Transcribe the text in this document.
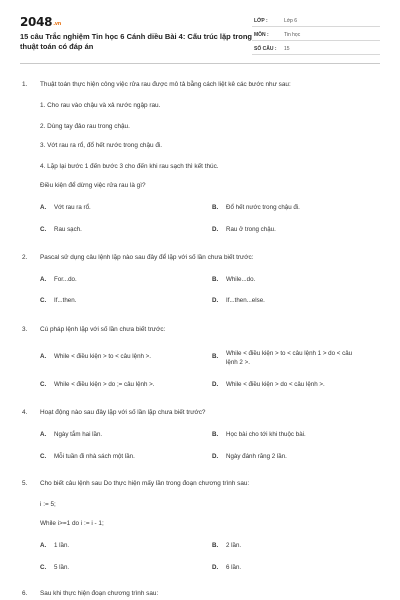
2048.vn
15 câu Trắc nghiệm Tin học 6 Cánh diều Bài 4: Cấu trúc lặp trong thuật toán có đáp án
LỚP :	Lớp 6
MÔN :	Tin học
SỐ CÂU : 15
1. Thuật toán thực hiện công việc rửa rau được mô tả bằng cách liệt kê các bước như sau:
1. Cho rau vào chậu và xả nước ngập rau.
2. Dùng tay đảo rau trong chậu.
3. Vớt rau ra rổ, đổ hết nước trong chậu đi.
4. Lặp lại bước 1 đến bước 3 cho đến khi rau sạch thì kết thúc.
Điều kiện để dừng việc rửa rau là gì?
A. Vớt rau ra rổ.	B. Đổ hết nước trong chậu đi.
C. Rau sạch.	D. Rau ở trong chậu.
2. Pascal sử dụng câu lệnh lặp nào sau đây để lặp với số lần chưa biết trước:
A. For...do.	B. While...do.
C. If...then.	D. If...then...else.
3. Cú pháp lệnh lặp với số lần chưa biết trước:
A. While < điều kiện > to < câu lệnh >.	B. While < điều kiện > to < câu lệnh 1 > do < câu lệnh 2 >.
C. While < điều kiện > do ;= câu lệnh >.	D. While < điều kiện > do < câu lệnh >.
4. Hoạt động nào sau đây lặp với số lần lặp chưa biết trước?
A. Ngày tắm hai lần.	B. Học bài cho tới khi thuộc bài.
C. Mỗi tuần đi nhà sách một lần.	D. Ngày đánh răng 2 lần.
5. Cho biết câu lệnh sau Do thực hiện mấy lần trong đoạn chương trình sau:
i := 5;
While i>=1 do i := i - 1;
A. 1 lần.	B. 2 lần.
C. 5 lần.	D. 6 lần.
6. Sau khi thực hiện đoạn chương trình sau:
